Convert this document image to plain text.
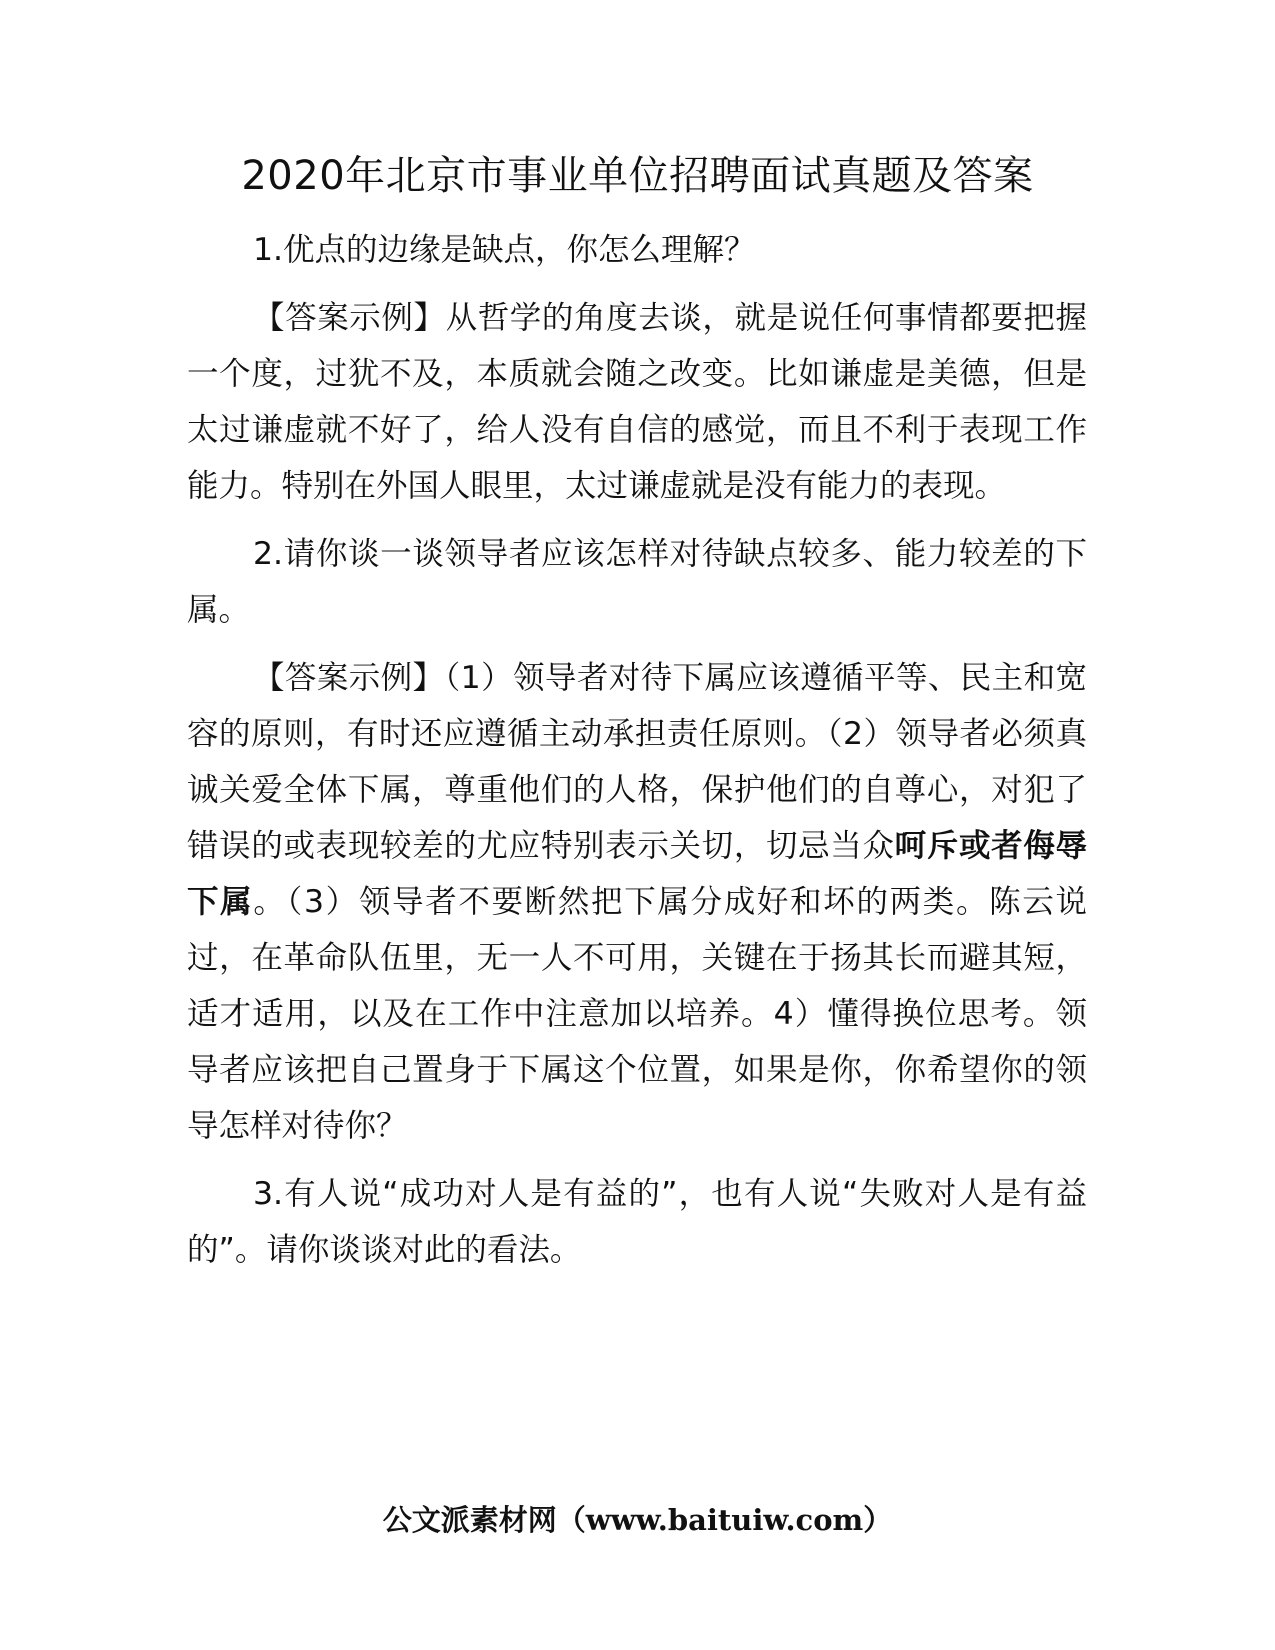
2020年北京市事业单位招聘面试真题及答案

1.优点的边缘是缺点，你怎么理解？

【答案示例】从哲学的角度去谈，就是说任何事情都要把握一个度，过犹不及，本质就会随之改变。比如谦虚是美德，但是太过谦虚就不好了，给人没有自信的感觉，而且不利于表现工作能力。特别在外国人眼里，太过谦虚就是没有能力的表现。

2.请你谈一谈领导者应该怎样对待缺点较多、能力较差的下属。

【答案示例】（1）领导者对待下属应该遵循平等、民主和宽容的原则，有时还应遵循主动承担责任原则。（2）领导者必须真诚关爱全体下属，尊重他们的人格，保护他们的自尊心，对犯了错误的或表现较差的尤应特别表示关切，切忌当众呵斥或者侮辱下属。（3）领导者不要断然把下属分成好和坏的两类。陈云说过，在革命队伍里，无一人不可用，关键在于扬其长而避其短，适才适用，以及在工作中注意加以培养。4）懂得换位思考。领导者应该把自己置身于下属这个位置，如果是你，你希望你的领导怎样对待你？

3.有人说“成功对人是有益的”，也有人说“失败对人是有益的”。请你谈谈对此的看法。

公文派素材网（www.baituiw.com）
